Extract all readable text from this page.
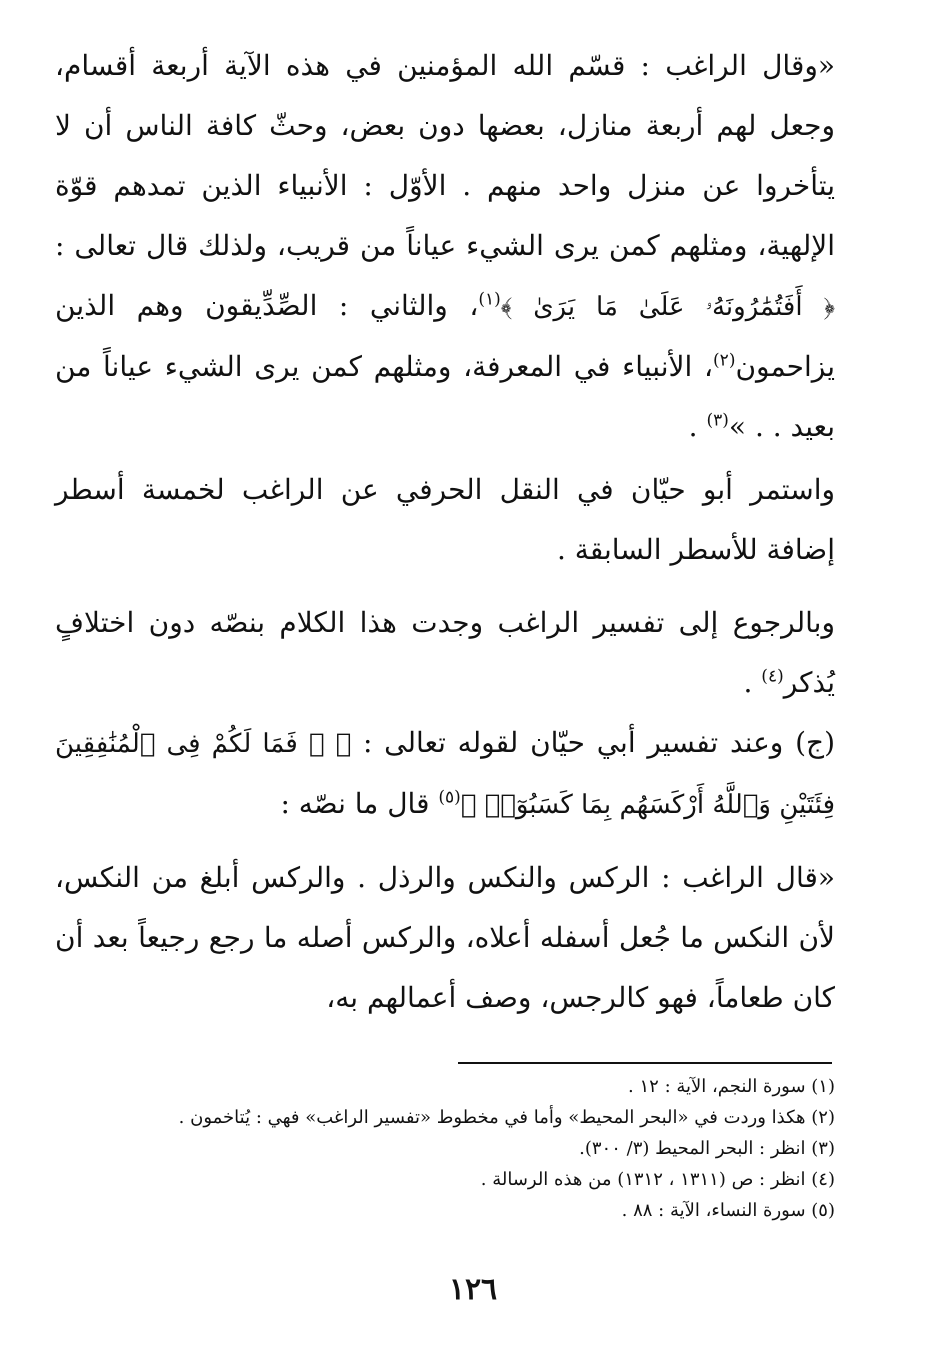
«وقال الراغب : قسّم الله المؤمنين في هذه الآية أربعة أقسام، وجعل لهم أربعة منازل، بعضها دون بعض، وحثّ كافة الناس أن لا يتأخروا عن منزل واحد منهم . الأوّل : الأنبياء الذين تمدهم قوّة الإلهية، ومثلهم كمن يرى الشيء عياناً من قريب، ولذلك قال تعالى : ﴿ أَفَتُمَٰرُونَهُۥ عَلَىٰ مَا يَرَىٰ ﴾$^{(١)}$، والثاني : الصِّدِّيقون وهم الذين يزاحمون$^{(٢)}$، الأنبياء في المعرفة، ومثلهم كمن يرى الشيء عياناً من بعيد . . »$^{(٣)}$ .

واستمر أبو حيّان في النقل الحرفي عن الراغب لخمسة أسطر إضافة للأسطر السابقة .

وبالرجوع إلى تفسير الراغب وجدت هذا الكلام بنصّه دون اختلافٍ يُذكر$^{(٤)}$ .

(ج) وعند تفسير أبي حيّان لقوله تعالى : ﴿ ۞ فَمَا لَكُمْ فِى ٱلْمُنَٰفِقِينَ فِئَتَيْنِ وَٱللَّهُ أَرْكَسَهُم بِمَا كَسَبُوٓا۟ ﴾$^{(٥)}$ قال ما نصّه :

«قال الراغب : الركس والنكس والرذل . والركس أبلغ من النكس، لأن النكس ما جُعل أسفله أعلاه، والركس أصله ما رجع رجيعاً بعد أن كان طعاماً، فهو كالرجس، وصف أعمالهم به،

(١) سورة النجم، الآية : ١٢ .
(٢) هكذا وردت في «البحر المحيط» وأما في مخطوط «تفسير الراغب» فهي : يُتاخمون .
(٣) انظر : البحر المحيط (٣/ ٣٠٠).
(٤) انظر : ص (١٣١١ ، ١٣١٢) من هذه الرسالة .
(٥) سورة النساء، الآية : ٨٨ .
١٢٦
